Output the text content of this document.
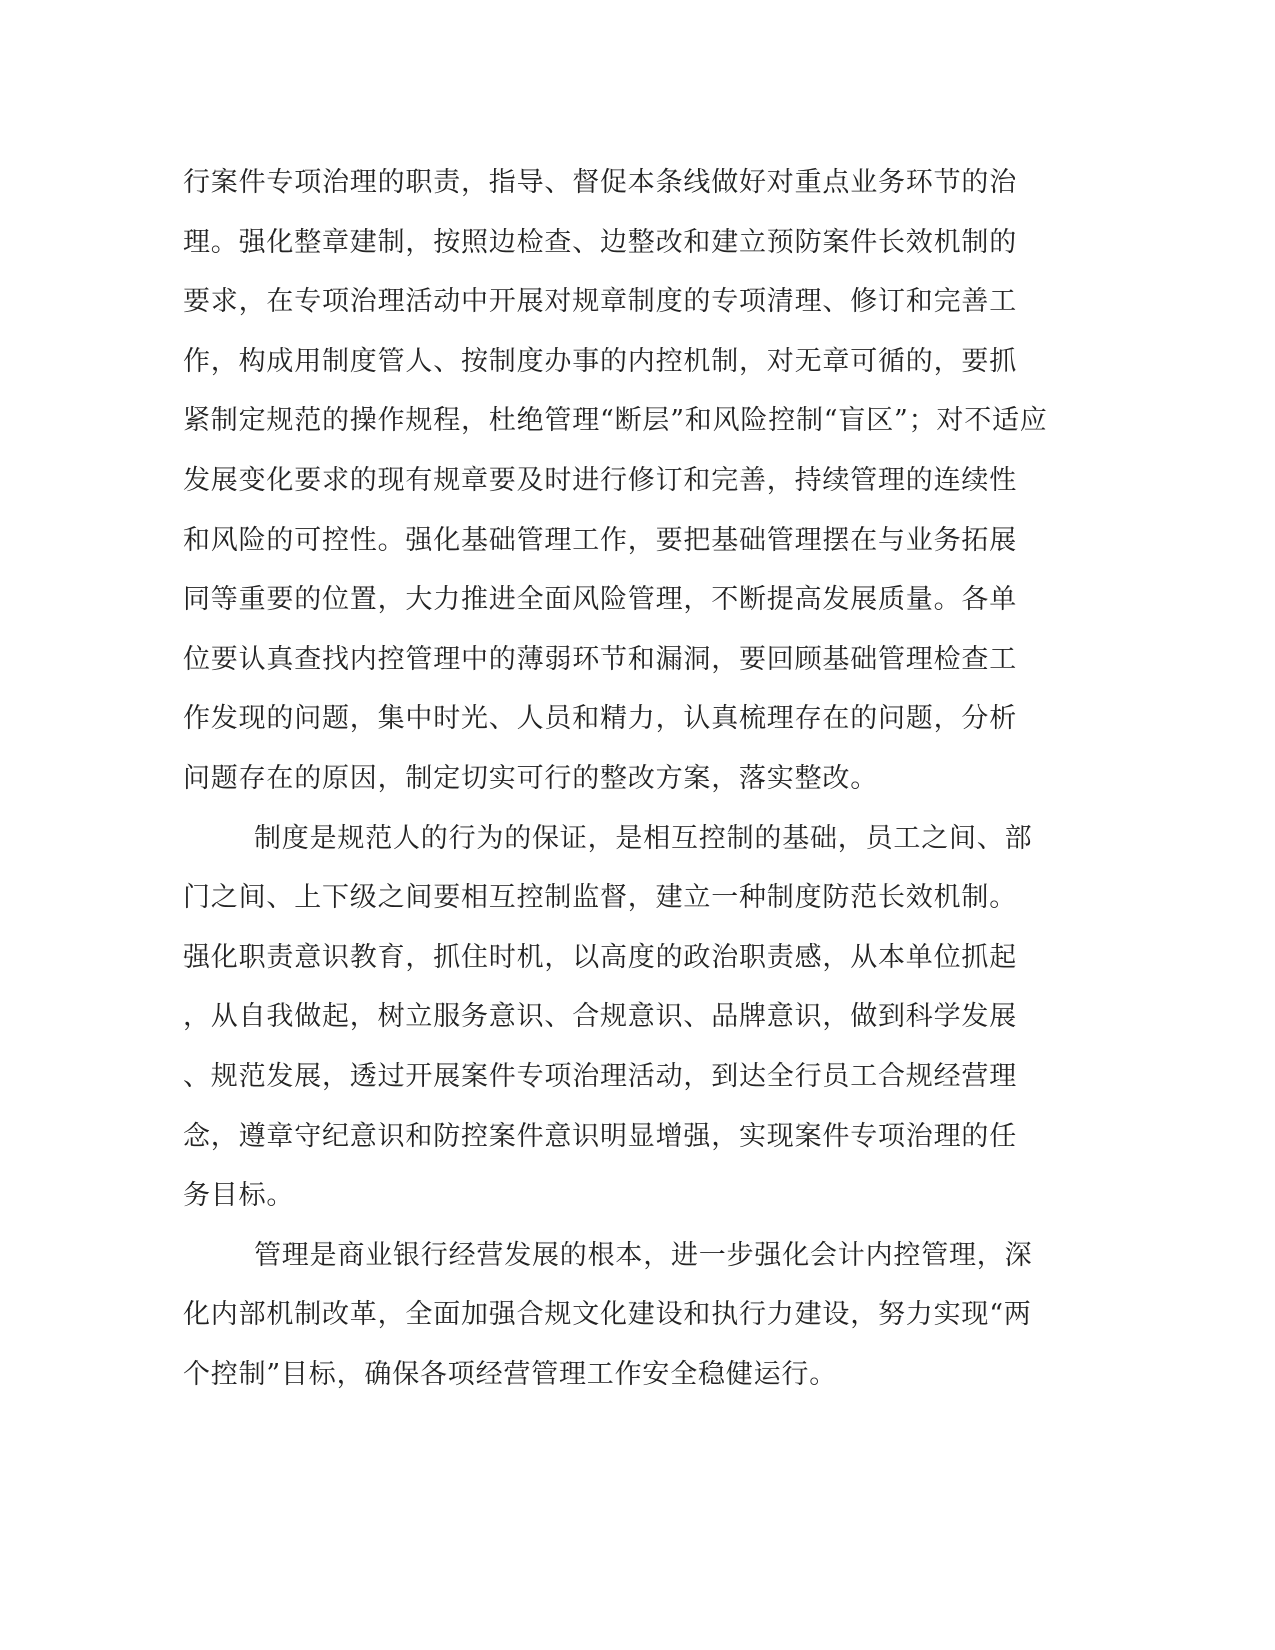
行案件专项治理的职责，指导、督促本条线做好对重点业务环节的治
理。强化整章建制，按照边检查、边整改和建立预防案件长效机制的
要求，在专项治理活动中开展对规章制度的专项清理、修订和完善工
作，构成用制度管人、按制度办事的内控机制，对无章可循的，要抓
紧制定规范的操作规程，杜绝管理“断层”和风险控制“盲区”；对不适应
发展变化要求的现有规章要及时进行修订和完善，持续管理的连续性
和风险的可控性。强化基础管理工作，要把基础管理摆在与业务拓展
同等重要的位置，大力推进全面风险管理，不断提高发展质量。各单
位要认真查找内控管理中的薄弱环节和漏洞，要回顾基础管理检查工
作发现的问题，集中时光、人员和精力，认真梳理存在的问题，分析
问题存在的原因，制定切实可行的整改方案，落实整改。
制度是规范人的行为的保证，是相互控制的基础，员工之间、部
门之间、上下级之间要相互控制监督，建立一种制度防范长效机制。
强化职责意识教育，抓住时机，以高度的政治职责感，从本单位抓起
，从自我做起，树立服务意识、合规意识、品牌意识，做到科学发展
、规范发展，透过开展案件专项治理活动，到达全行员工合规经营理
念，遵章守纪意识和防控案件意识明显增强，实现案件专项治理的任
务目标。
管理是商业银行经营发展的根本，进一步强化会计内控管理，深
化内部机制改革，全面加强合规文化建设和执行力建设，努力实现“两
个控制”目标，确保各项经营管理工作安全稳健运行。
